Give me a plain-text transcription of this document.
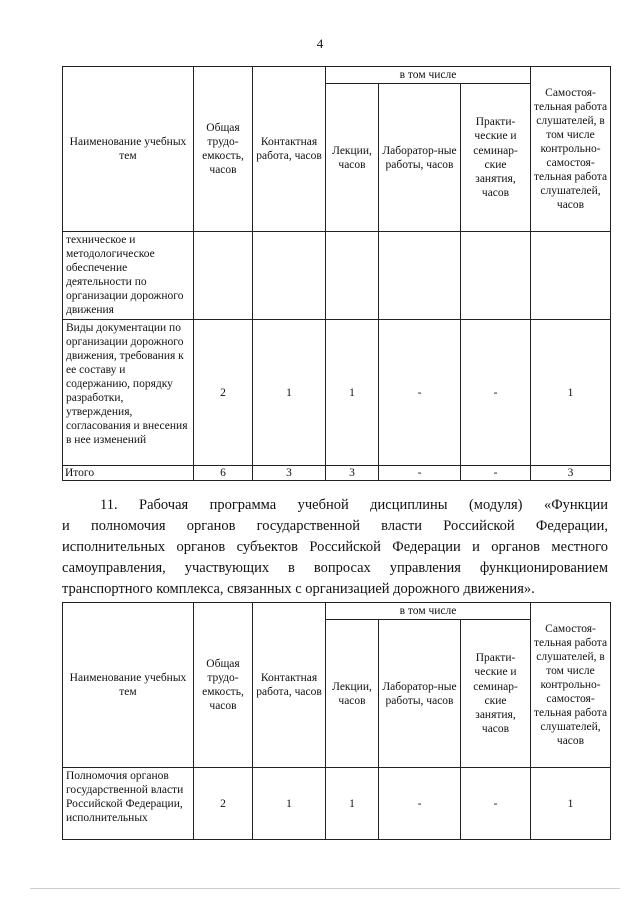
4
Наименование учебных тем	Общая трудо-емкость, часов	Контактная работа, часов	в том числе			Самостоя-тельная работа слушателей, в том числе контрольно-самостоя-тельная работа слушателей, часов
			Лекции, часов	Лаборатор-ные работы, часов	Практи-ческие и семинар-ские занятия, часов	
техническое и методологическое обеспечение деятельности по организации дорожного движения						
Виды документации по организации дорожного движения, требования к ее составу и содержанию, порядку разработки, утверждения, согласования и внесения в нее изменений	2	1	1	-	-	1
Итого	6	3	3	-	-	3
11. Рабочая программа учебной дисциплины (модуля) «Функции
и полномочия органов государственной власти Российской Федерации, исполнительных органов субъектов Российской Федерации и органов местного самоуправления, участвующих в вопросах управления функционированием транспортного комплекса, связанных с организацией дорожного движения».
Наименование учебных тем	Общая трудо-емкость, часов	Контактная работа, часов	в том числе			Самостоя-тельная работа слушателей, в том числе контрольно-самостоя-тельная работа слушателей, часов
			Лекции, часов	Лаборатор-ные работы, часов	Практи-ческие и семинар-ские занятия, часов	
Полномочия органов государственной власти Российской Федерации, исполнительных	2	1	1	-	-	1
